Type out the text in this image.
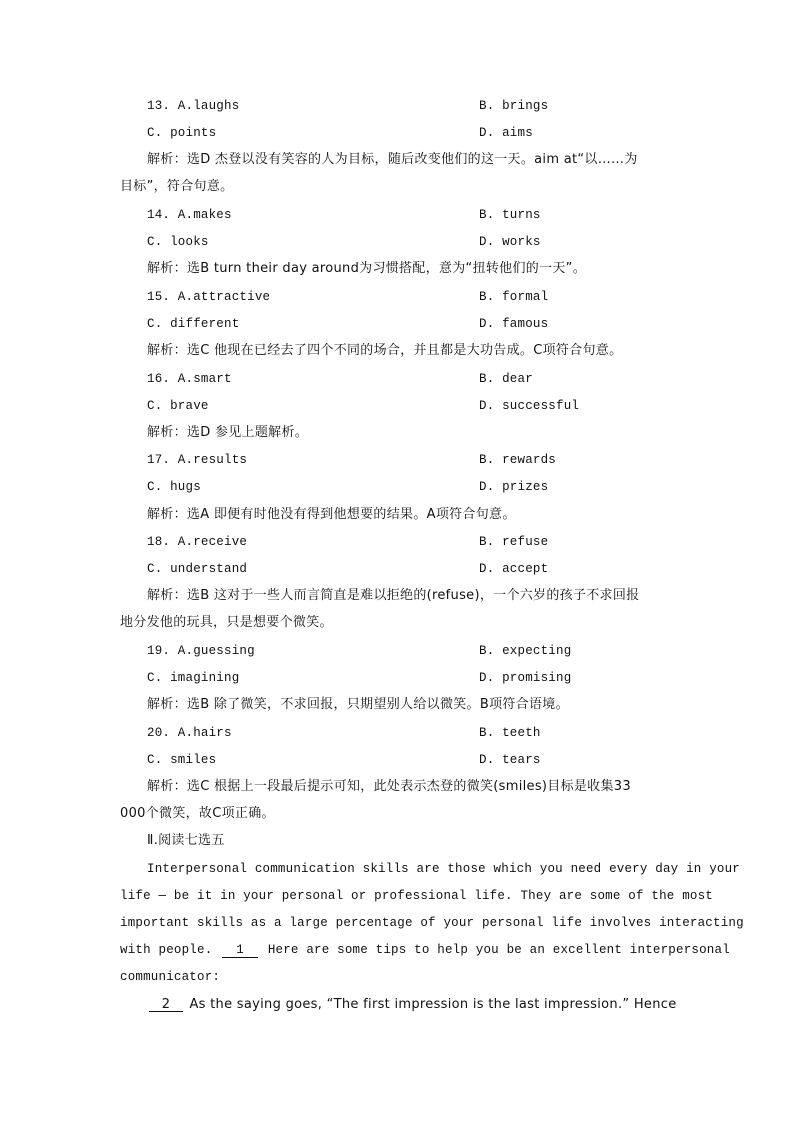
13. A.laughs	B. brings
C. points	D. aims
解析：选D 杰登以没有笑容的人为目标，随后改变他们的这一天。aim at“以……为
目标”，符合句意。
14. A.makes	B. turns
C. looks	D. works
解析：选B turn their day around为习惯搭配，意为“扭转他们的一天”。
15. A.attractive	B. formal
C. different	D. famous
解析：选C 他现在已经去了四个不同的场合，并且都是大功告成。C项符合句意。
16. A.smart	B. dear
C. brave	D. successful
解析：选D 参见上题解析。
17. A.results	B. rewards
C. hugs	D. prizes
解析：选A 即便有时他没有得到他想要的结果。A项符合句意。
18. A.receive	B. refuse
C. understand	D. accept
解析：选B 这对于一些人而言简直是难以拒绝的(refuse)，一个六岁的孩子不求回报
地分发他的玩具，只是想要个微笑。
19. A.guessing	B. expecting
C. imagining	D. promising
解析：选B 除了微笑，不求回报，只期望别人给以微笑。B项符合语境。
20. A.hairs	B. teeth
C. smiles	D. tears
解析：选C 根据上一段最后提示可知，此处表示杰登的微笑(smiles)目标是收集33
000个微笑，故C项正确。
Ⅱ.阅读七选五
Interpersonal communication skills are those which you need every day in your
life — be it in your personal or professional life. They are some of the most
important skills as a large percentage of your personal life involves interacting
with people. 1 Here are some tips to help you be an excellent interpersonal
communicator:
2 As the saying goes, “The first impression is the last impression.” Hence
